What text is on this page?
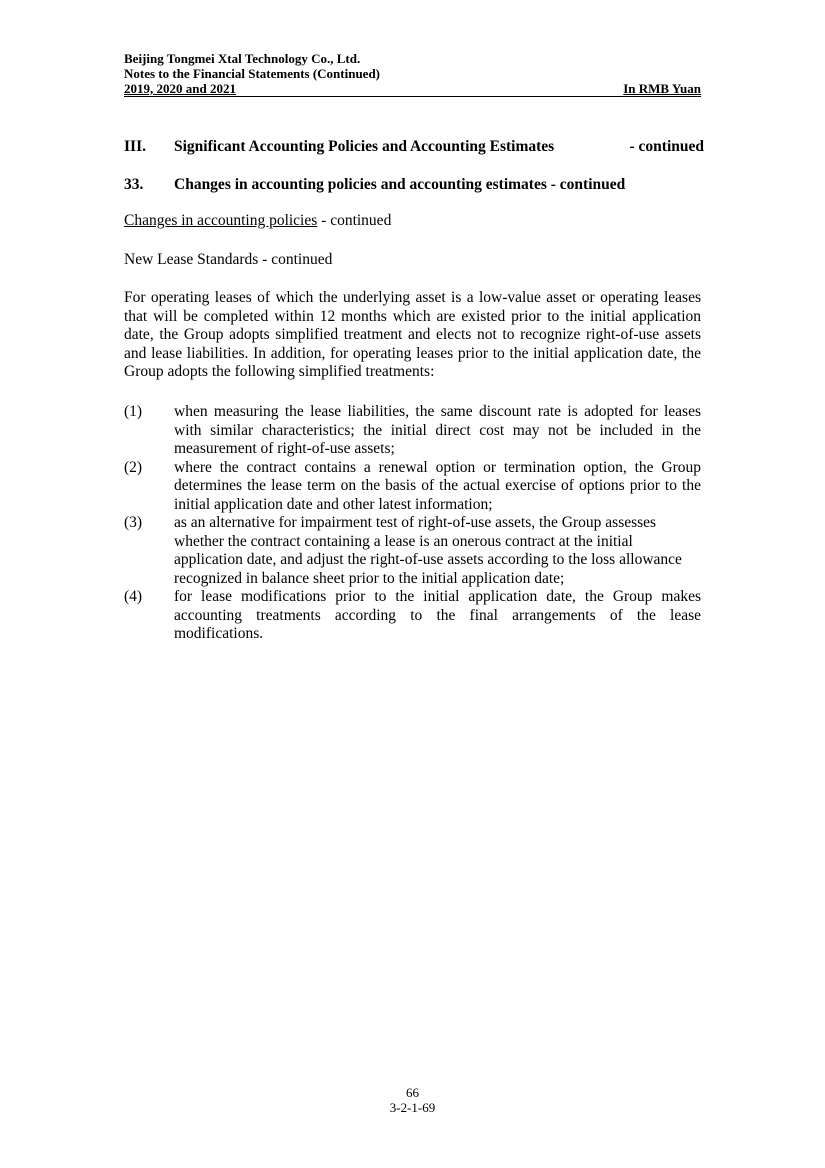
Beijing Tongmei Xtal Technology Co., Ltd.
Notes to the Financial Statements (Continued)
2019, 2020 and 2021	In RMB Yuan
III.	Significant Accounting Policies and Accounting Estimates	- continued
33.	Changes in accounting policies and accounting estimates - continued
Changes in accounting policies - continued
New Lease Standards - continued
For operating leases of which the underlying asset is a low-value asset or operating leases that will be completed within 12 months which are existed prior to the initial application date, the Group adopts simplified treatment and elects not to recognize right-of-use assets and lease liabilities. In addition, for operating leases prior to the initial application date, the Group adopts the following simplified treatments:
(1)	when measuring the lease liabilities, the same discount rate is adopted for leases with similar characteristics; the initial direct cost may not be included in the measurement of right-of-use assets;
(2)	where the contract contains a renewal option or termination option, the Group determines the lease term on the basis of the actual exercise of options prior to the initial application date and other latest information;
(3)	as an alternative for impairment test of right-of-use assets, the Group assesses whether the contract containing a lease is an onerous contract at the initial application date, and adjust the right-of-use assets according to the loss allowance recognized in balance sheet prior to the initial application date;
(4)	for lease modifications prior to the initial application date, the Group makes accounting treatments according to the final arrangements of the lease modifications.
66
3-2-1-69
